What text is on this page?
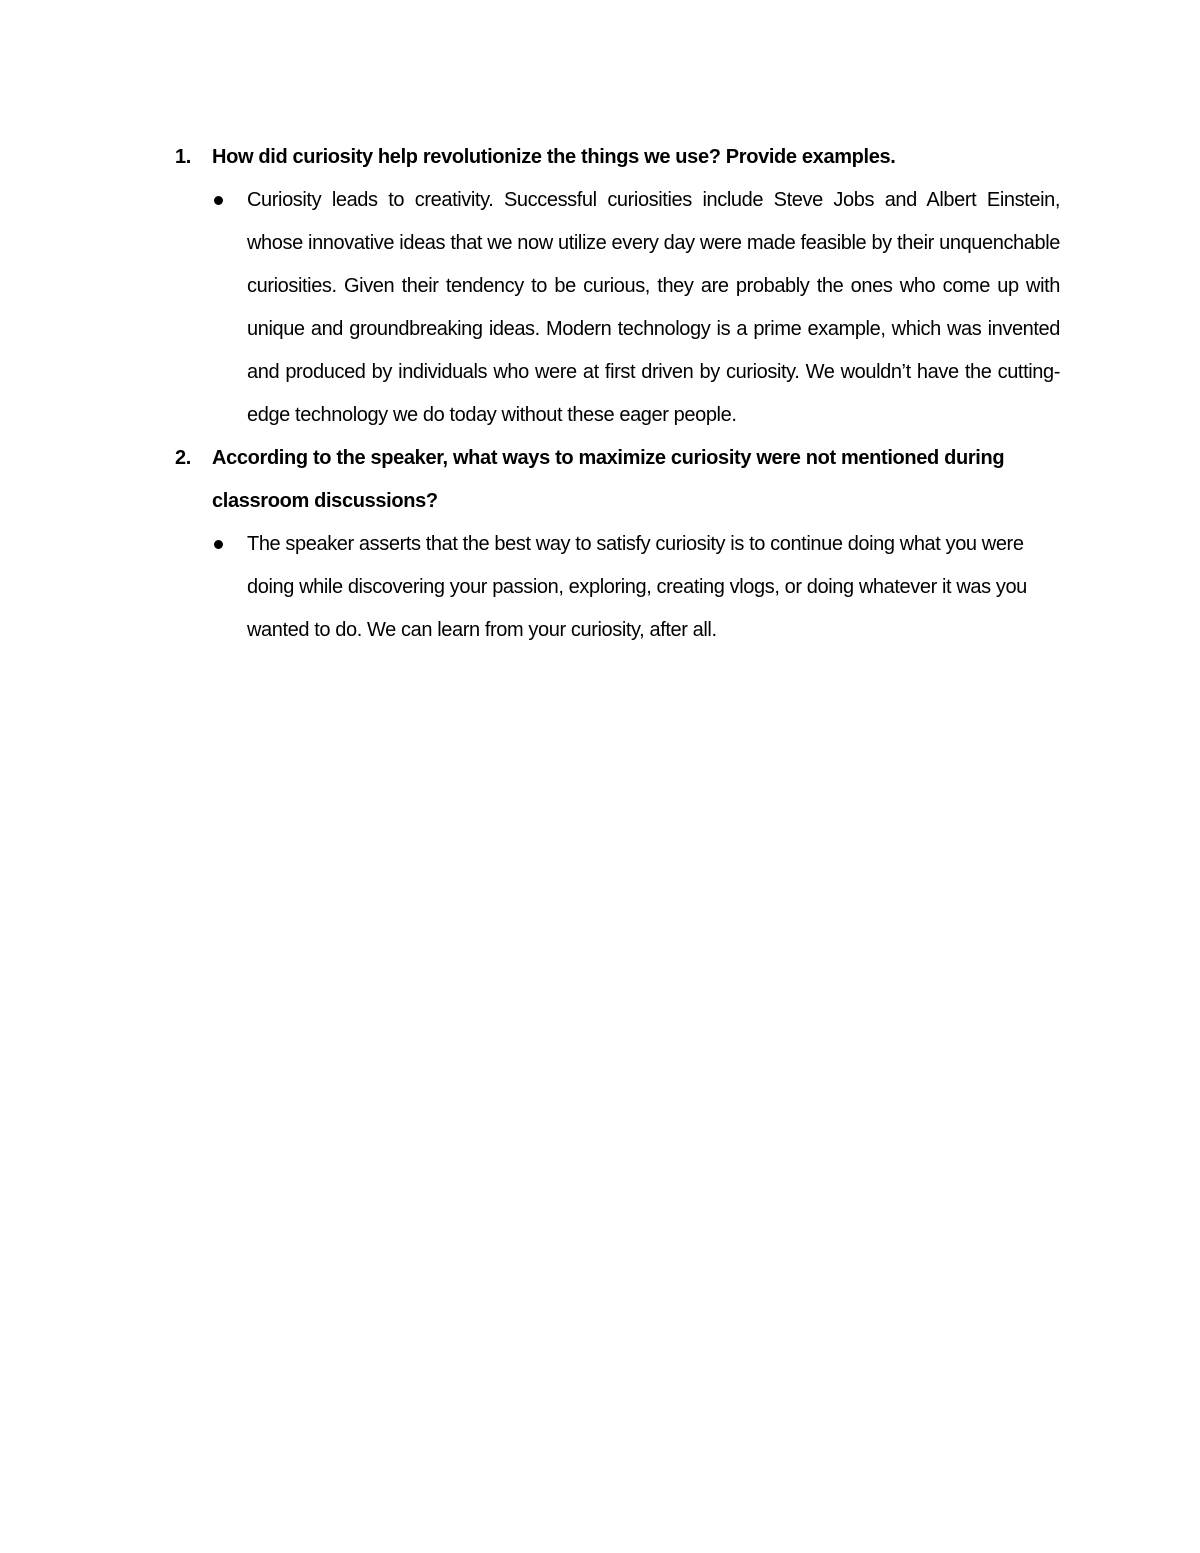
1. How did curiosity help revolutionize the things we use? Provide examples.
Curiosity leads to creativity. Successful curiosities include Steve Jobs and Albert Einstein, whose innovative ideas that we now utilize every day were made feasible by their unquenchable curiosities. Given their tendency to be curious, they are probably the ones who come up with unique and groundbreaking ideas. Modern technology is a prime example, which was invented and produced by individuals who were at first driven by curiosity. We wouldn’t have the cutting-edge technology we do today without these eager people.
2. According to the speaker, what ways to maximize curiosity were not mentioned during classroom discussions?
The speaker asserts that the best way to satisfy curiosity is to continue doing what you were doing while discovering your passion, exploring, creating vlogs, or doing whatever it was you wanted to do. We can learn from your curiosity, after all.
